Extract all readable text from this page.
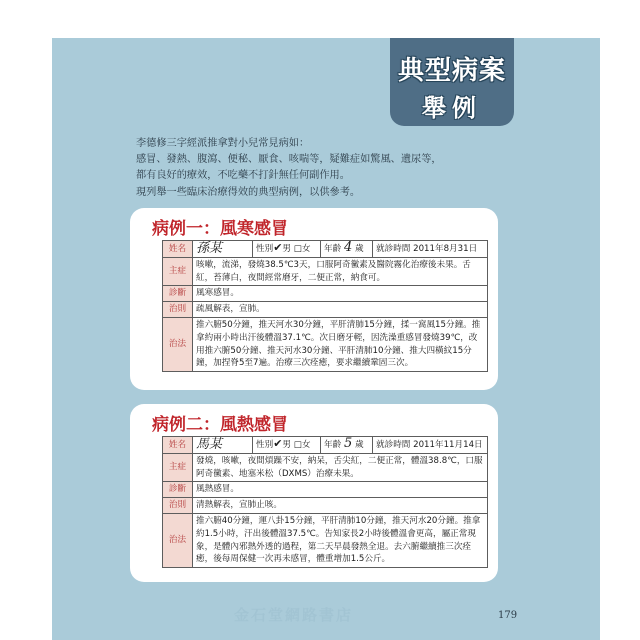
典型病案
舉例
李德修三字經派推拿對小兒常見病如：
感冒、發熱、腹瀉、便秘、厭食、咳喘等，疑難症如驚風、遺尿等，
都有良好的療效，不吃藥不打針無任何副作用。
現列舉一些臨床治療得效的典型病例，以供參考。
病例一：風寒感冒
姓名	孫某	性別✔男 □女	年齡 4 歲	就診時間 2011年8月31日
主症	咳嗽，流涕，發燒38.5℃3天，口服阿奇黴素及醫院霧化治療後未果。舌紅，苔薄白，夜間經常磨牙，二便正常，納食可。			
診斷	風寒感冒。			
治則	疏風解表，宣肺。			
治法	推六腑50分鐘，推天河水30分鐘，平肝清肺15分鐘，揉一窩風15分鐘。推拿約兩小時出汗後體溫37.1℃。次日磨牙輕，因洗澡重感冒發燒39℃，改用推六腑50分鐘、推天河水30分鐘、平肝清肺10分鐘、推大四橫紋15分鐘，加捏脊5至7遍。治療三次痊癒，要求繼續鞏固三次。			
病例二：風熱感冒
姓名	馬某	性別✔男 □女	年齡 5 歲	就診時間 2011年11月14日
主症	發燒，咳嗽，夜間煩躁不安，納呆，舌尖紅，二便正常，體溫38.8℃，口服阿奇黴素、地塞米松（DXMS）治療未果。			
診斷	風熱感冒。			
治則	清熱解表，宣肺止咳。			
治法	推六腑40分鐘，運八卦15分鐘，平肝清肺10分鐘，推天河水20分鐘。推拿約1.5小時，汗出後體溫37.5℃。告知家長2小時後體溫會更高，屬正常現象，是體內邪熱外透的過程，第二天早晨發熱全退。去六腑繼續推三次痊癒，後每周保健一次再未感冒，體重增加1.5公斤。			
金石堂網路書店	179
